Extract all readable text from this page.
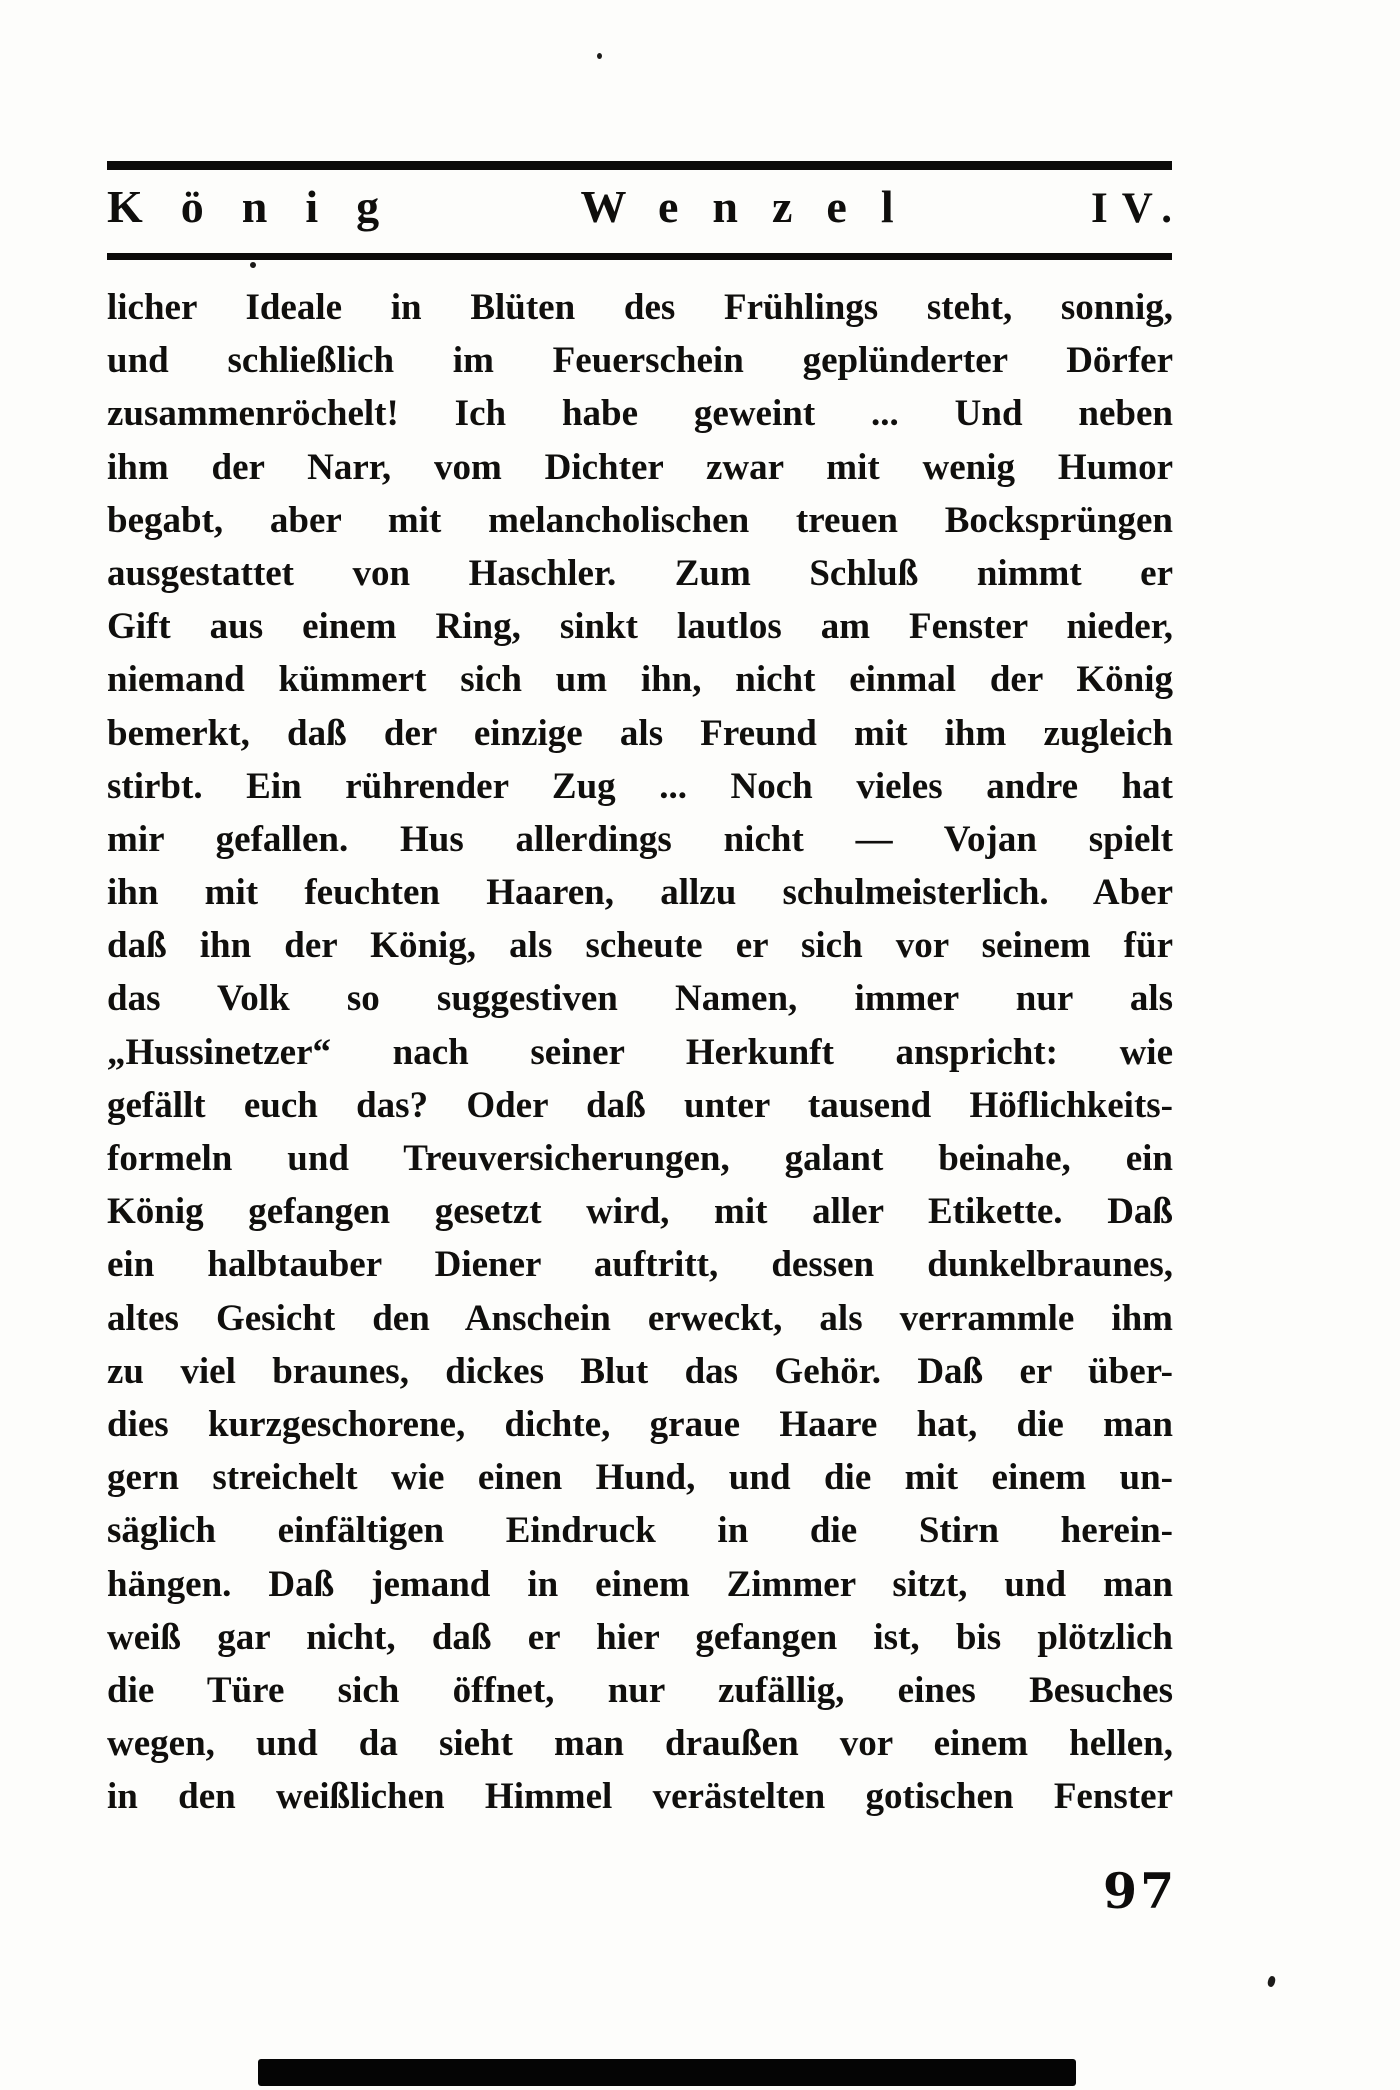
König	Wenzel	IV.
licher Ideale in Blüten des Frühlings steht, sonnig,
und schließlich im Feuerschein geplünderter Dörfer
zusammenröchelt! Ich habe geweint ... Und neben
ihm der Narr, vom Dichter zwar mit wenig Humor
begabt, aber mit melancholischen treuen Bocksprüngen
ausgestattet von Haschler. Zum Schluß nimmt er
Gift aus einem Ring, sinkt lautlos am Fenster nieder,
niemand kümmert sich um ihn, nicht einmal der König
bemerkt, daß der einzige als Freund mit ihm zugleich
stirbt. Ein rührender Zug ... Noch vieles andre hat
mir gefallen. Hus allerdings nicht — Vojan spielt
ihn mit feuchten Haaren, allzu schulmeisterlich. Aber
daß ihn der König, als scheute er sich vor seinem für
das Volk so suggestiven Namen, immer nur als
„Hussinetzer“ nach seiner Herkunft anspricht: wie
gefällt euch das? Oder daß unter tausend Höflichkeits-
formeln und Treuversicherungen, galant beinahe, ein
König gefangen gesetzt wird, mit aller Etikette. Daß
ein halbtauber Diener auftritt, dessen dunkelbraunes,
altes Gesicht den Anschein erweckt, als verrammle ihm
zu viel braunes, dickes Blut das Gehör. Daß er über-
dies kurzgeschorene, dichte, graue Haare hat, die man
gern streichelt wie einen Hund, und die mit einem un-
säglich einfältigen Eindruck in die Stirn herein-
hängen. Daß jemand in einem Zimmer sitzt, und man
weiß gar nicht, daß er hier gefangen ist, bis plötzlich
die Türe sich öffnet, nur zufällig, eines Besuches
wegen, und da sieht man draußen vor einem hellen,
in den weißlichen Himmel verästelten gotischen Fenster
97
